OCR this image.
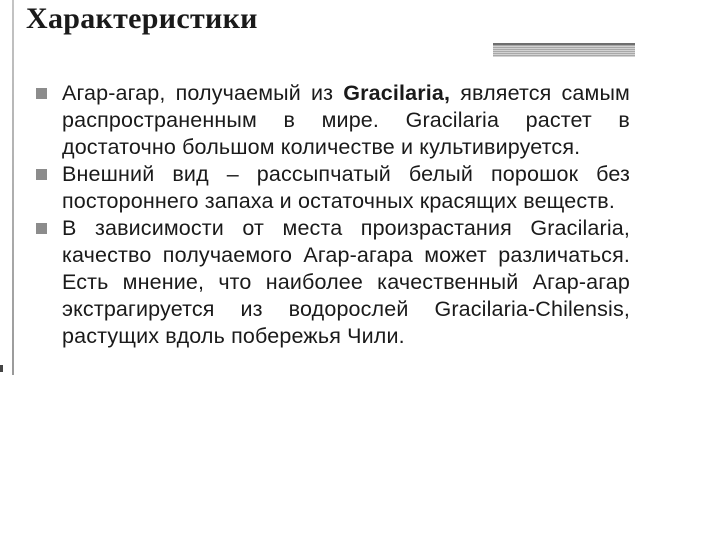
Характеристики
Агар-агар, получаемый из Gracilaria, является самым распространенным в мире. Gracilaria растет в достаточно большом количестве и культивируется.
Внешний вид – рассыпчатый белый порошок без постороннего запаха и остаточных красящих веществ.
В зависимости от места произрастания Gracilaria, качество получаемого Агар-агара может различаться. Есть мнение, что наиболее качественный Агар-агар экстрагируется из водорослей Gracilaria-Chilensis, растущих вдоль побережья Чили.
